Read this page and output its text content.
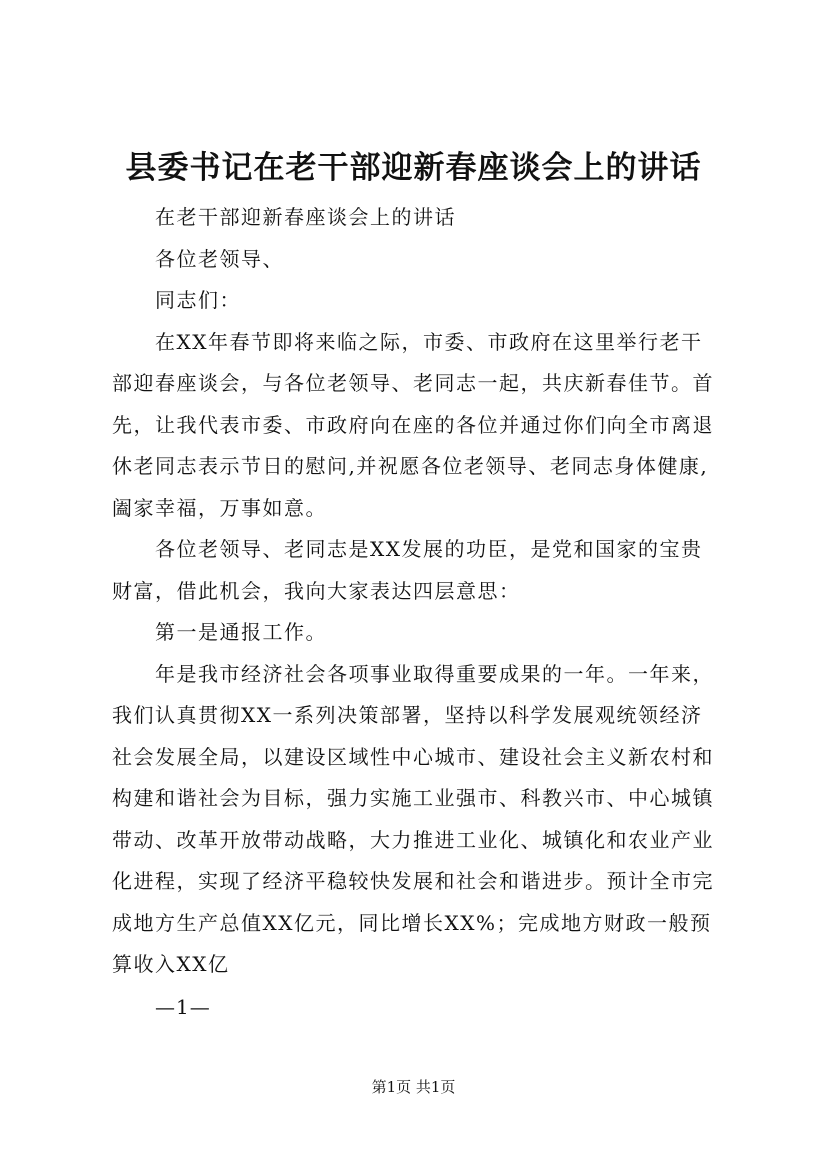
县委书记在老干部迎新春座谈会上的讲话
在老干部迎新春座谈会上的讲话
各位老领导、
同志们：
在XX年春节即将来临之际，市委、市政府在这里举行老干
部迎春座谈会，与各位老领导、老同志一起，共庆新春佳节。首
先，让我代表市委、市政府向在座的各位并通过你们向全市离退
休老同志表示节日的慰问,并祝愿各位老领导、老同志身体健康,
阖家幸福，万事如意。
各位老领导、老同志是XX发展的功臣，是党和国家的宝贵
财富，借此机会，我向大家表达四层意思：
第一是通报工作。
年是我市经济社会各项事业取得重要成果的一年。一年来，
我们认真贯彻XX一系列决策部署，坚持以科学发展观统领经济
社会发展全局，以建设区域性中心城市、建设社会主义新农村和
构建和谐社会为目标，强力实施工业强市、科教兴市、中心城镇
带动、改革开放带动战略，大力推进工业化、城镇化和农业产业
化进程，实现了经济平稳较快发展和社会和谐进步。预计全市完
成地方生产总值XX亿元，同比增长XX%；完成地方财政一般预
算收入XX亿
—1—
第1页 共1页
